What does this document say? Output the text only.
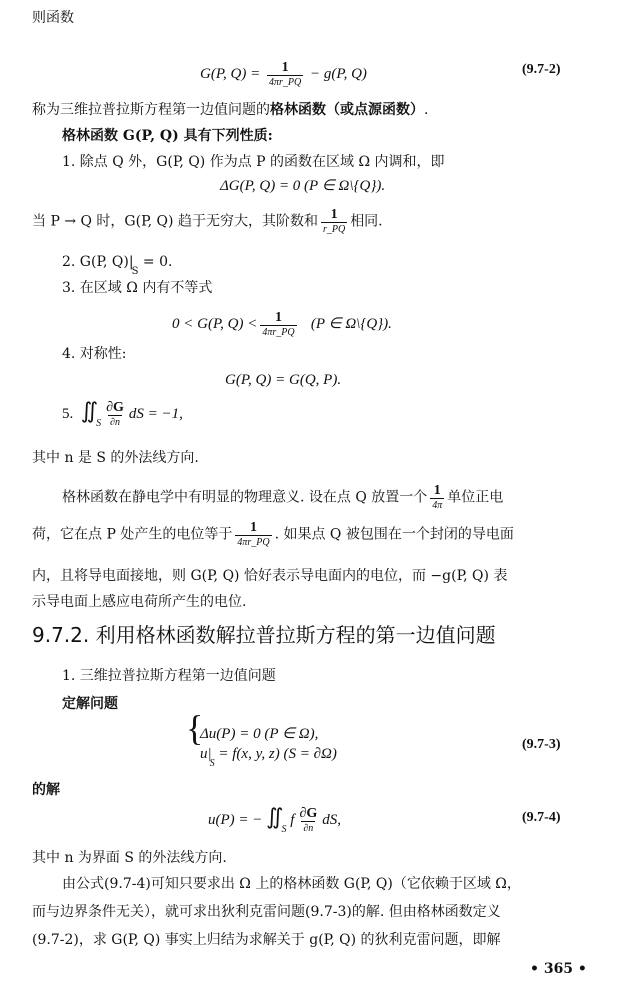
则函数
G(P, $Q) = \frac{1}{4\pi r\_PQ} - g(P$, Q)	(9.7-2)
称为三维拉普拉斯方程第一边值问题的格林函数（或点源函数）.
格林函数 G(P, Q) 具有下列性质:
1. 除点 Q 外，G(P, Q) 作为点 P 的函数在区域 Ω 内调和，即
ΔG(P, Q) = 0 (P ∈ Ω\{Q}).
当 P → Q 时，G(P, Q) 趋于无穷大，其阶数和 $\frac{1}{r\_PQ}$ 相同.
2. G(P, $Q)|_S = 0$.
3. 在区域 Ω 内有不等式
0 < G(P, $Q) < \frac{1}{4\pi r\_PQ} (P$ ∈ Ω\{Q}).
4. 对称性:
G(P, Q) = G(Q, P).
5. $∬_S \frac{\partial G}{\partial n}$ dS = −1,
其中 n 是 S 的外法线方向.
格林函数在静电学中有明显的物理意义. 设在点 Q 放置一个 $\frac{1}{4\pi}$ 单位正电
荷，它在点 P 处产生的电位等于 $\frac{1}{4\pi r\_PQ}$ . 如果点 Q 被包围在一个封闭的导电面
内，且将导电面接地，则 G(P, Q) 恰好表示导电面内的电位，而 −g(P, Q) 表
示导电面上感应电荷所产生的电位.
9.7.2. 利用格林函数解拉普拉斯方程的第一边值问题
1. 三维拉普拉斯方程第一边值问题
定解问题
{
Δu(P) = 0 (P ∈ Ω),
$u|_S = f(x$, y, z) (S = ∂Ω)
(9.7-3)
的解
u(P) = − $∬_S$ f $\frac{\partial G}{\partial n}$ dS,	(9.7-4)
其中 n 为界面 S 的外法线方向.
由公式(9.7-4)可知只要求出 Ω 上的格林函数 G(P, Q)（它依赖于区域 Ω，
而与边界条件无关），就可求出狄利克雷问题(9.7-3)的解. 但由格林函数定义
(9.7-2)，求 G(P, Q) 事实上归结为求解关于 g(P, Q) 的狄利克雷问题，即解
• 365 •
